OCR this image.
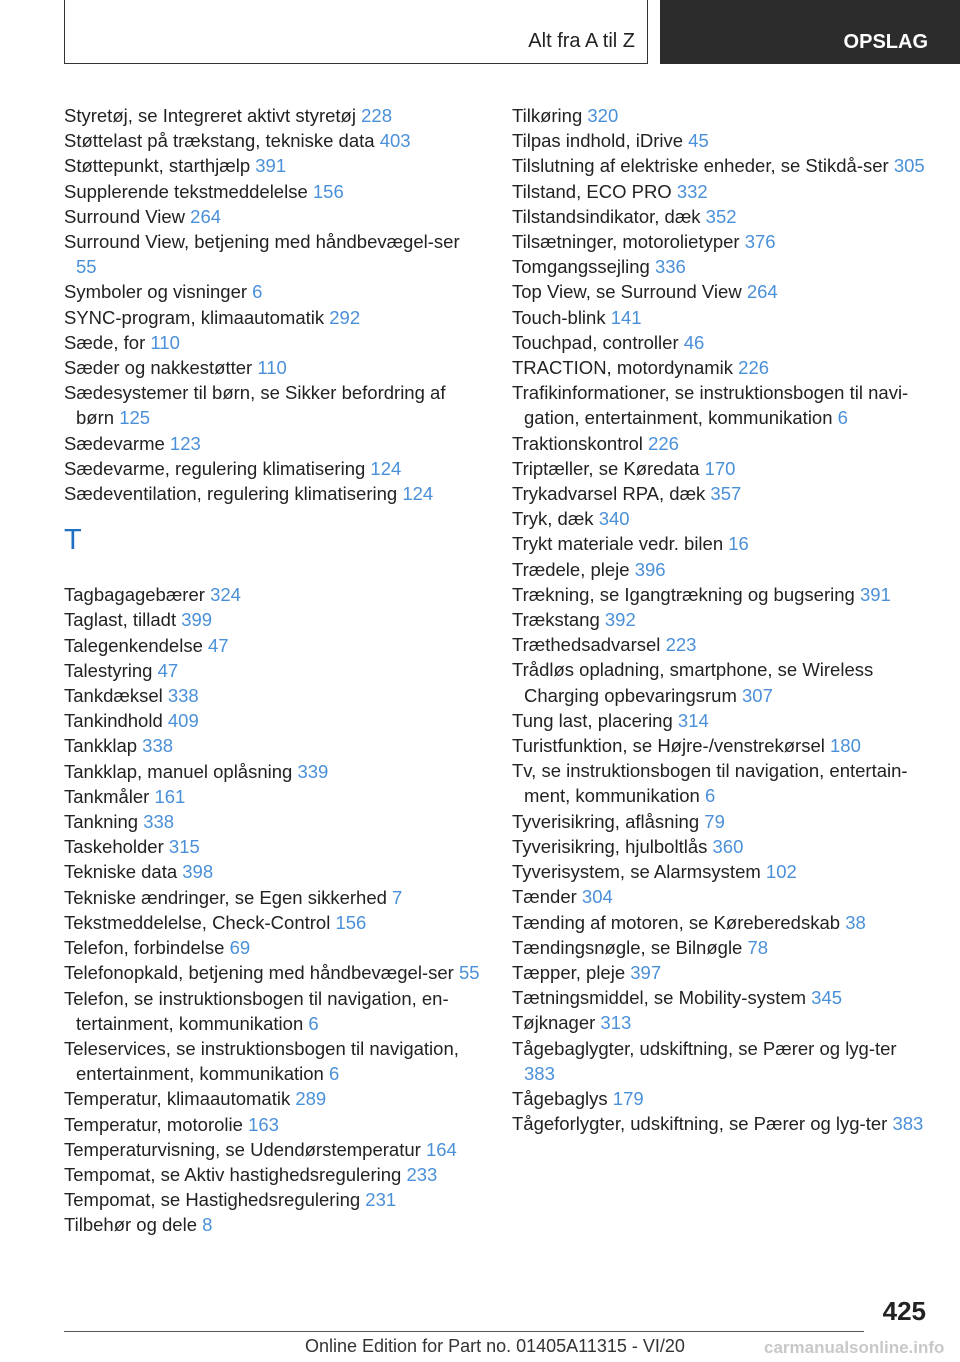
Alt fra A til Z	OPSLAG
Styretøj, se Integreret aktivt styretøj 228
Støttelast på trækstang, tekniske data 403
Støttepunkt, starthjælp 391
Supplerende tekstmeddelelse 156
Surround View 264
Surround View, betjening med håndbevægel-ser 55
Symboler og visninger 6
SYNC-program, klimaautomatik 292
Sæde, for 110
Sæder og nakkestøtter 110
Sædesystemer til børn, se Sikker befordring af børn 125
Sædevarme 123
Sædevarme, regulering klimatisering 124
Sædeventilation, regulering klimatisering 124
T
Tagbagagebærer 324
Taglast, tilladt 399
Talegenkendelse 47
Talestyring 47
Tankdæksel 338
Tankindhold 409
Tankklap 338
Tankklap, manuel oplåsning 339
Tankmåler 161
Tankning 338
Taskeholder 315
Tekniske data 398
Tekniske ændringer, se Egen sikkerhed 7
Tekstmeddelelse, Check-Control 156
Telefon, forbindelse 69
Telefonopkald, betjening med håndbevægel-ser 55
Telefon, se instruktionsbogen til navigation, en-tertainment, kommunikation 6
Teleservices, se instruktionsbogen til navigation, entertainment, kommunikation 6
Temperatur, klimaautomatik 289
Temperatur, motorolie 163
Temperaturvisning, se Udendørstemperatur 164
Tempomat, se Aktiv hastighedsregulering 233
Tempomat, se Hastighedsregulering 231
Tilbehør og dele 8
Tilkøring 320
Tilpas indhold, iDrive 45
Tilslutning af elektriske enheder, se Stikdå-ser 305
Tilstand, ECO PRO 332
Tilstandsindikator, dæk 352
Tilsætninger, motorolietyper 376
Tomgangssejling 336
Top View, se Surround View 264
Touch-blink 141
Touchpad, controller 46
TRACTION, motordynamik 226
Trafikinformationer, se instruktionsbogen til navi-gation, entertainment, kommunikation 6
Traktionskontrol 226
Triptæller, se Køredata 170
Trykadvarsel RPA, dæk 357
Tryk, dæk 340
Trykt materiale vedr. bilen 16
Trædele, pleje 396
Trækning, se Igangtrækning og bugsering 391
Trækstang 392
Træthedsadvarsel 223
Trådløs opladning, smartphone, se Wireless Charging opbevaringsrum 307
Tung last, placering 314
Turistfunktion, se Højre-/venstrekørsel 180
Tv, se instruktionsbogen til navigation, entertain-ment, kommunikation 6
Tyverisikring, aflåsning 79
Tyverisikring, hjulboltlås 360
Tyverisystem, se Alarmsystem 102
Tænder 304
Tænding af motoren, se Kørеberedskab 38
Tændingsnøgle, se Bilnøgle 78
Tæpper, pleje 397
Tætningsmiddel, se Mobility-system 345
Tøjknager 313
Tågebaglygter, udskiftning, se Pærer og lyg-ter 383
Tågebaglys 179
Tågeforlygter, udskiftning, se Pærer og lyg-ter 383
425
Online Edition for Part no. 01405A11315 - VI/20	carmanualsonline.info
